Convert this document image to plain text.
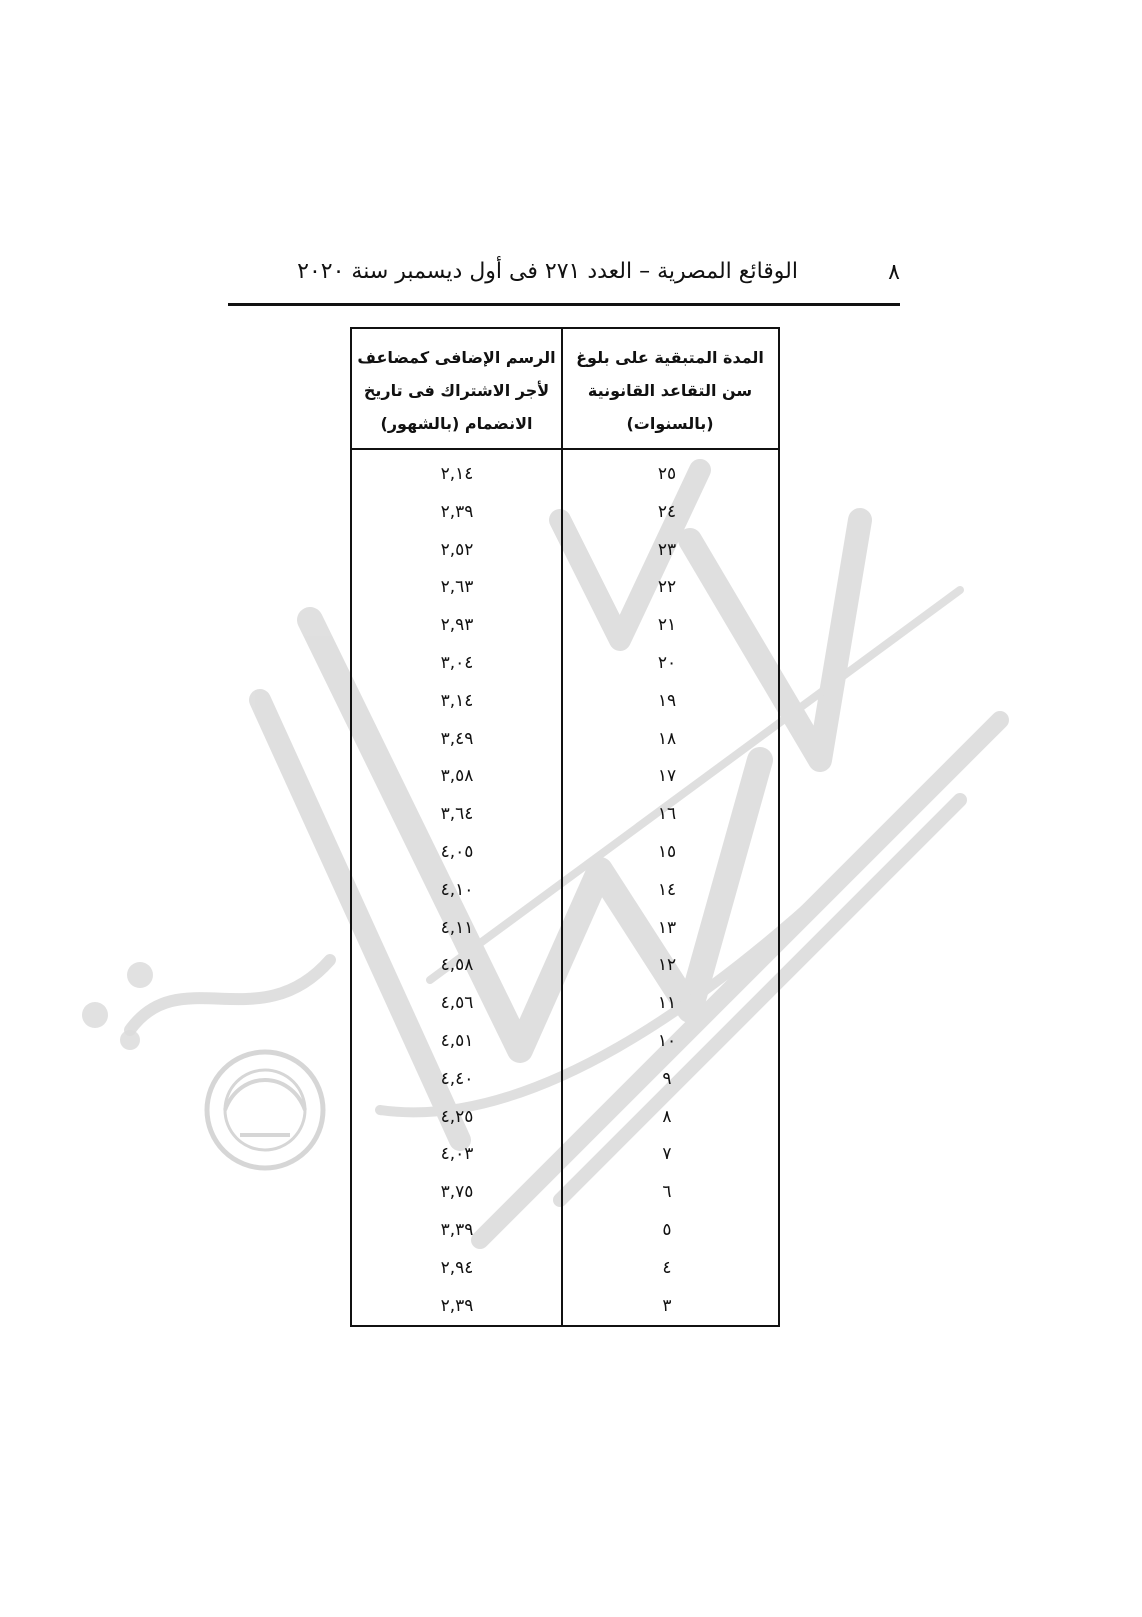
٨
الوقائع المصرية – العدد ٢٧١ فى أول ديسمبر سنة ٢٠٢٠
المدة المتبقية على بلوغ
سن التقاعد القانونية
(بالسنوات)
الرسم الإضافى كمضاعف
لأجر الاشتراك فى تاريخ
الانضمام (بالشهور)
٢٥
٢,١٤
٢٤
٢,٣٩
٢٣
٢,٥٢
٢٢
٢,٦٣
٢١
٢,٩٣
٢٠
٣,٠٤
١٩
٣,١٤
١٨
٣,٤٩
١٧
٣,٥٨
١٦
٣,٦٤
١٥
٤,٠٥
١٤
٤,١٠
١٣
٤,١١
١٢
٤,٥٨
١١
٤,٥٦
١٠
٤,٥١
٩
٤,٤٠
٨
٤,٢٥
٧
٤,٠٣
٦
٣,٧٥
٥
٣,٣٩
٤
٢,٩٤
٣
٢,٣٩
